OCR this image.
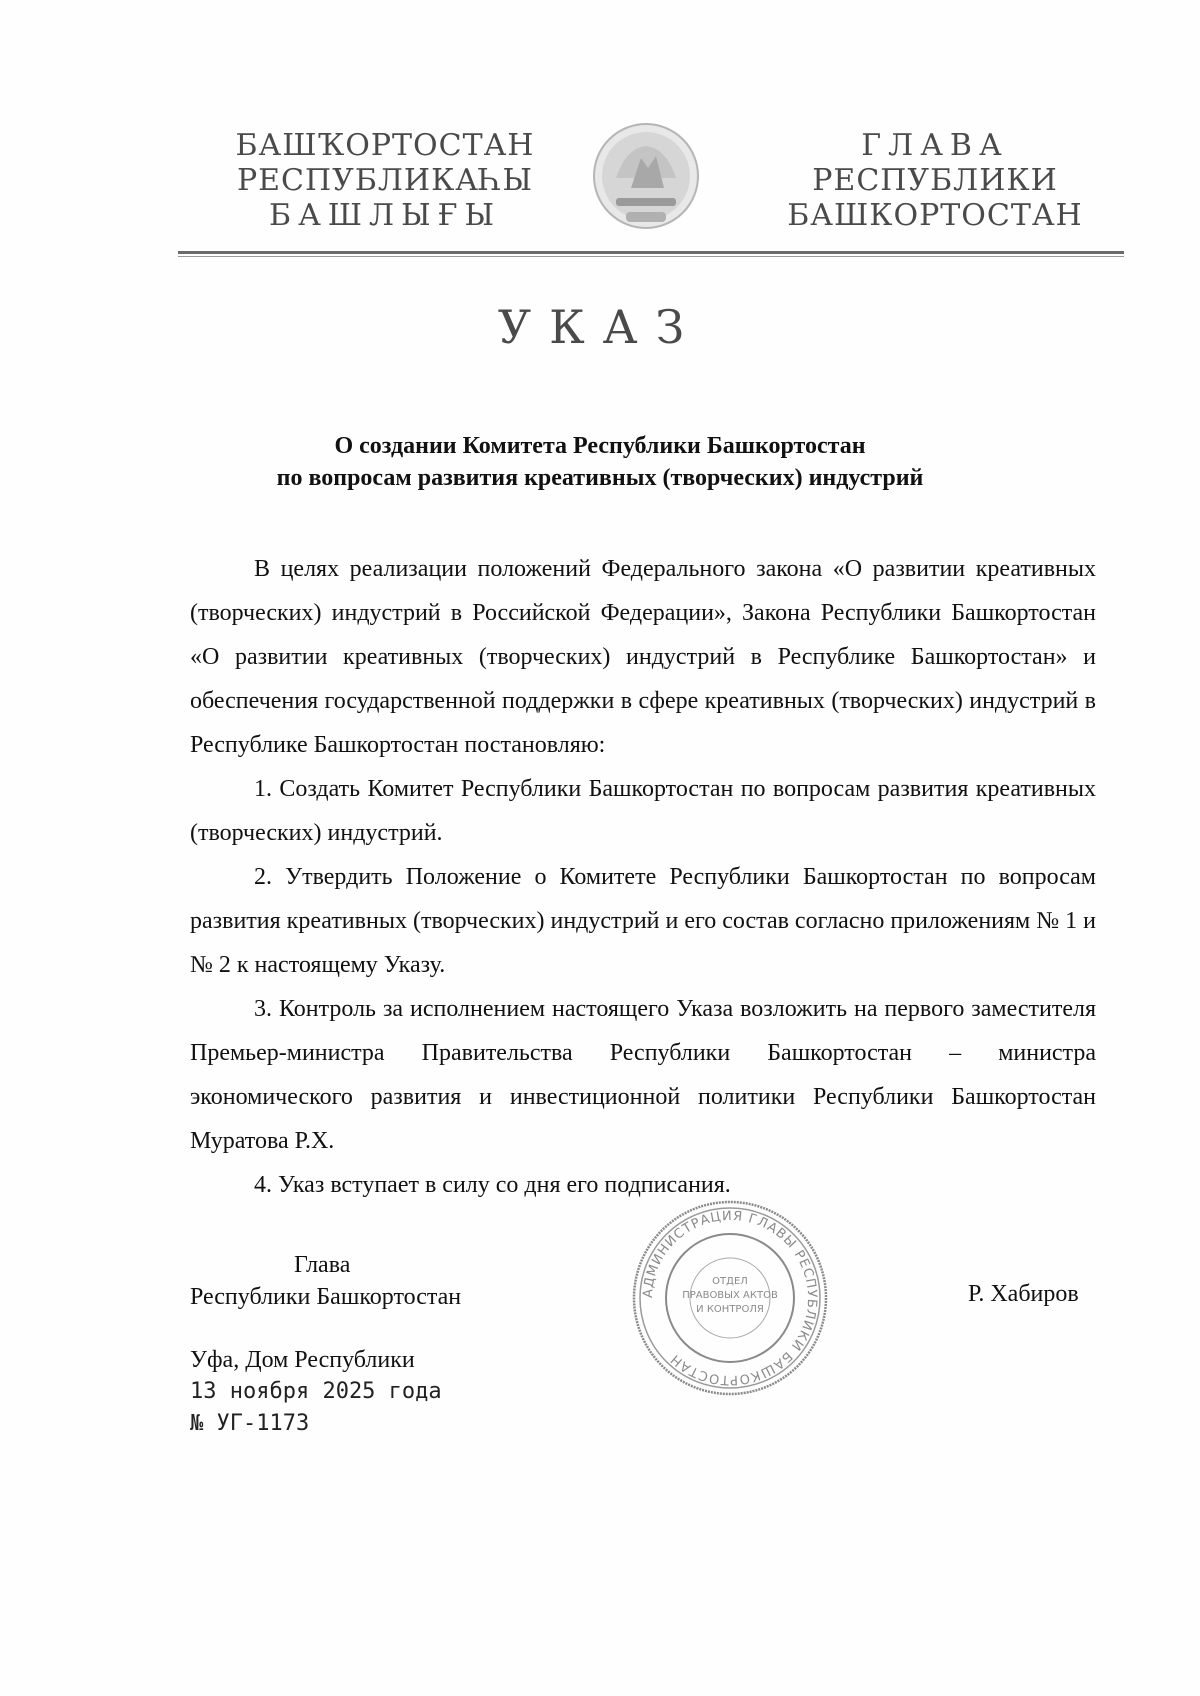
БАШҠОРТОСТАН
РЕСПУБЛИКАҺЫ
БАШЛЫҒЫ
ГЛАВА
РЕСПУБЛИКИ
БАШКОРТОСТАН
УКАЗ
О создании Комитета Республики Башкортостан
по вопросам развития креативных (творческих) индустрий

В целях реализации положений Федерального закона «О развитии креативных (творческих) индустрий в Российской Федерации», Закона Республики Башкортостан «О развитии креативных (творческих) индустрий в Республике Башкортостан» и обеспечения государственной поддержки в сфере креативных (творческих) индустрий в Республике Башкортостан постановляю:

1. Создать Комитет Республики Башкортостан по вопросам развития креативных (творческих) индустрий.

2. Утвердить Положение о Комитете Республики Башкортостан по вопросам развития креативных (творческих) индустрий и его состав согласно приложениям № 1 и № 2 к настоящему Указу.

3. Контроль за исполнением настоящего Указа возложить на первого заместителя Премьер-министра Правительства Республики Башкортостан – министра экономического развития и инвестиционной политики Республики Башкортостан Муратова Р.Х.

4. Указ вступает в силу со дня его подписания.

Глава
Республики Башкортостан	АДМИНИСТРАЦИЯ ГЛАВЫ РЕСПУБЛИКИ БАШКОРТОСТАН
ОТДЕЛ
ПРАВОВЫХ АКТОВ
И КОНТРОЛЯ
Р. Хабиров
Уфа, Дом Республики
13 ноября 2025 года
№ УГ-1173
